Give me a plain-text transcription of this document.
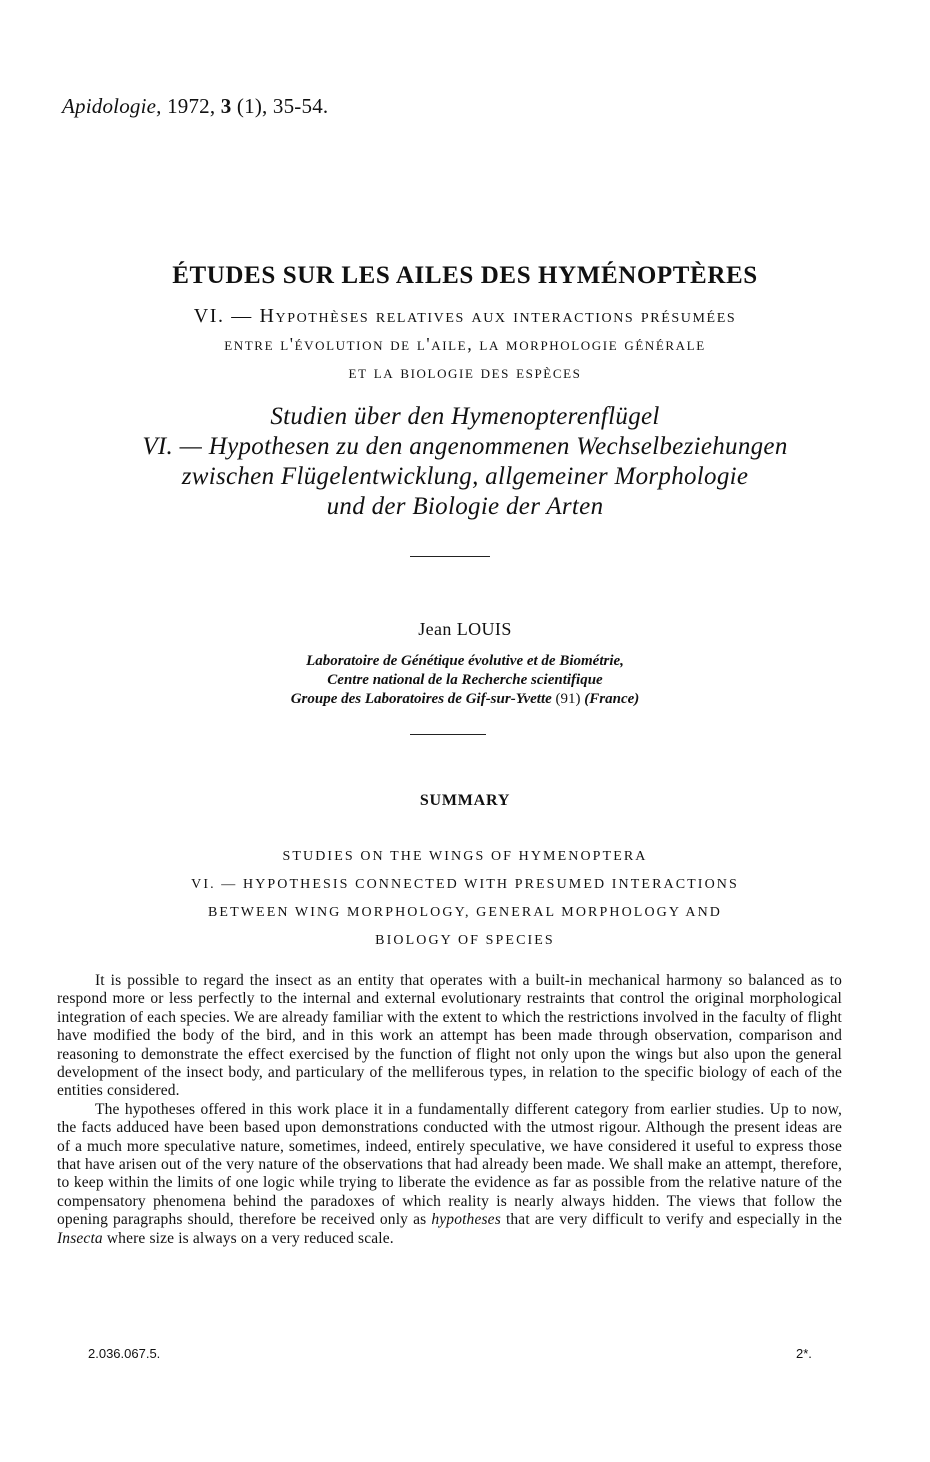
Apidologie, 1972, 3 (1), 35-54.
ÉTUDES SUR LES AILES DES HYMÉNOPTÈRES
VI. — Hypothèses relatives aux interactions présumées
entre l'évolution de l'aile, la morphologie générale
et la biologie des espèces
Studien über den Hymenopterenflügel
VI. — Hypothesen zu den angenommenen Wechselbeziehungen
zwischen Flügelentwicklung, allgemeiner Morphologie
und der Biologie der Arten
Jean LOUIS
Laboratoire de Génétique évolutive et de Biométrie,
Centre national de la Recherche scientifique
Groupe des Laboratoires de Gif-sur-Yvette (91) (France)
SUMMARY
STUDIES ON THE WINGS OF HYMENOPTERA
VI. — HYPOTHESIS CONNECTED WITH PRESUMED INTERACTIONS
BETWEEN WING MORPHOLOGY, GENERAL MORPHOLOGY AND
BIOLOGY OF SPECIES

It is possible to regard the insect as an entity that operates with a built-in mechanical harmony so balanced as to respond more or less perfectly to the internal and external evolutionary restraints that control the original morphological integration of each species. We are already familiar with the extent to which the restrictions involved in the faculty of flight have modified the body of the bird, and in this work an attempt has been made through observation, comparison and reasoning to demonstrate the effect exercised by the function of flight not only upon the wings but also upon the general development of the insect body, and particulary of the melliferous types, in relation to the specific biology of each of the entities considered.

The hypotheses offered in this work place it in a fundamentally different category from earlier studies. Up to now, the facts adduced have been based upon demonstrations conducted with the utmost rigour. Although the present ideas are of a much more speculative nature, sometimes, indeed, entirely speculative, we have considered it useful to express those that have arisen out of the very nature of the observations that had already been made. We shall make an attempt, therefore, to keep within the limits of one logic while trying to liberate the evidence as far as possible from the relative nature of the compensatory phenomena behind the paradoxes of which reality is nearly always hidden. The views that follow the opening paragraphs should, therefore be received only as hypotheses that are very difficult to verify and especially in the Insecta where size is always on a very reduced scale.

2.036.067.5.	2*.
